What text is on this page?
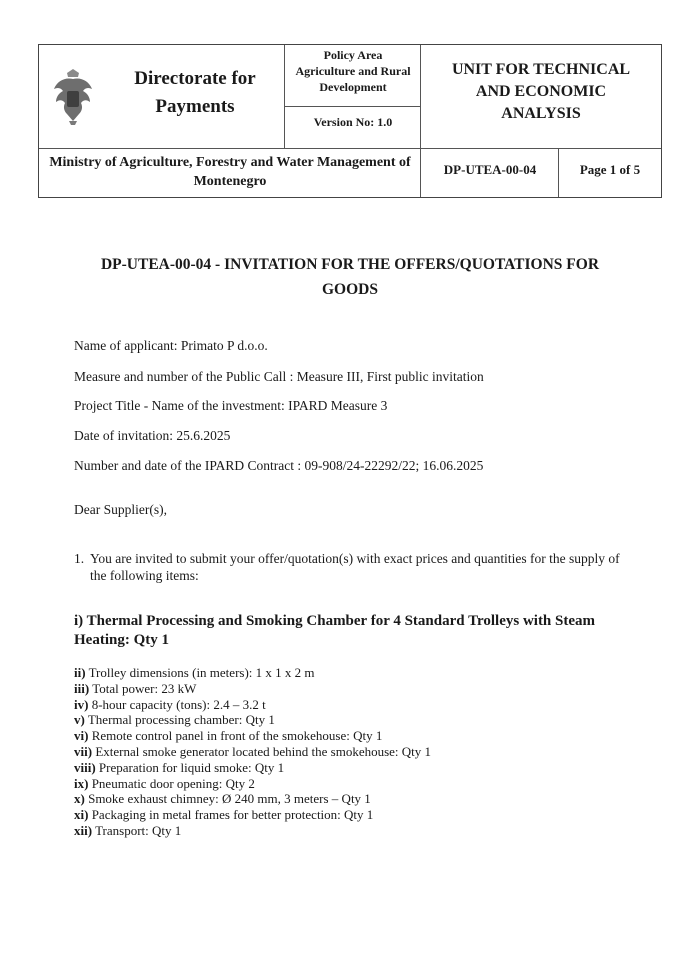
Directorate for
Payments
Policy Area
Agriculture and Rural
Development
Version No: 1.0
UNIT FOR TECHNICAL
AND ECONOMIC
ANALYSIS
Ministry of Agriculture, Forestry and Water Management of
Montenegro
DP-UTEA-00-04	Page 1 of 5
DP-UTEA-00-04 - INVITATION FOR THE OFFERS/QUOTATIONS FOR
GOODS
Name of applicant: Primato P d.o.o.
Measure and number of the Public Call : Measure III, First public invitation
Project Title - Name of the investment: IPARD Measure 3
Date of invitation: 25.6.2025
Number and date of the IPARD Contract : 09-908/24-22292/22; 16.06.2025
Dear Supplier(s),
1. You are invited to submit your offer/quotation(s) with exact prices and quantities for the supply of the following items:
i) Thermal Processing and Smoking Chamber for 4 Standard Trolleys with Steam Heating: Qty 1
ii) Trolley dimensions (in meters): 1 x 1 x 2 m
iii) Total power: 23 kW
iv) 8-hour capacity (tons): 2.4 – 3.2 t
v) Thermal processing chamber: Qty 1
vi) Remote control panel in front of the smokehouse: Qty 1
vii) External smoke generator located behind the smokehouse: Qty 1
viii) Preparation for liquid smoke: Qty 1
ix) Pneumatic door opening: Qty 2
x) Smoke exhaust chimney: Ø 240 mm, 3 meters – Qty 1
xi) Packaging in metal frames for better protection: Qty 1
xii) Transport: Qty 1
